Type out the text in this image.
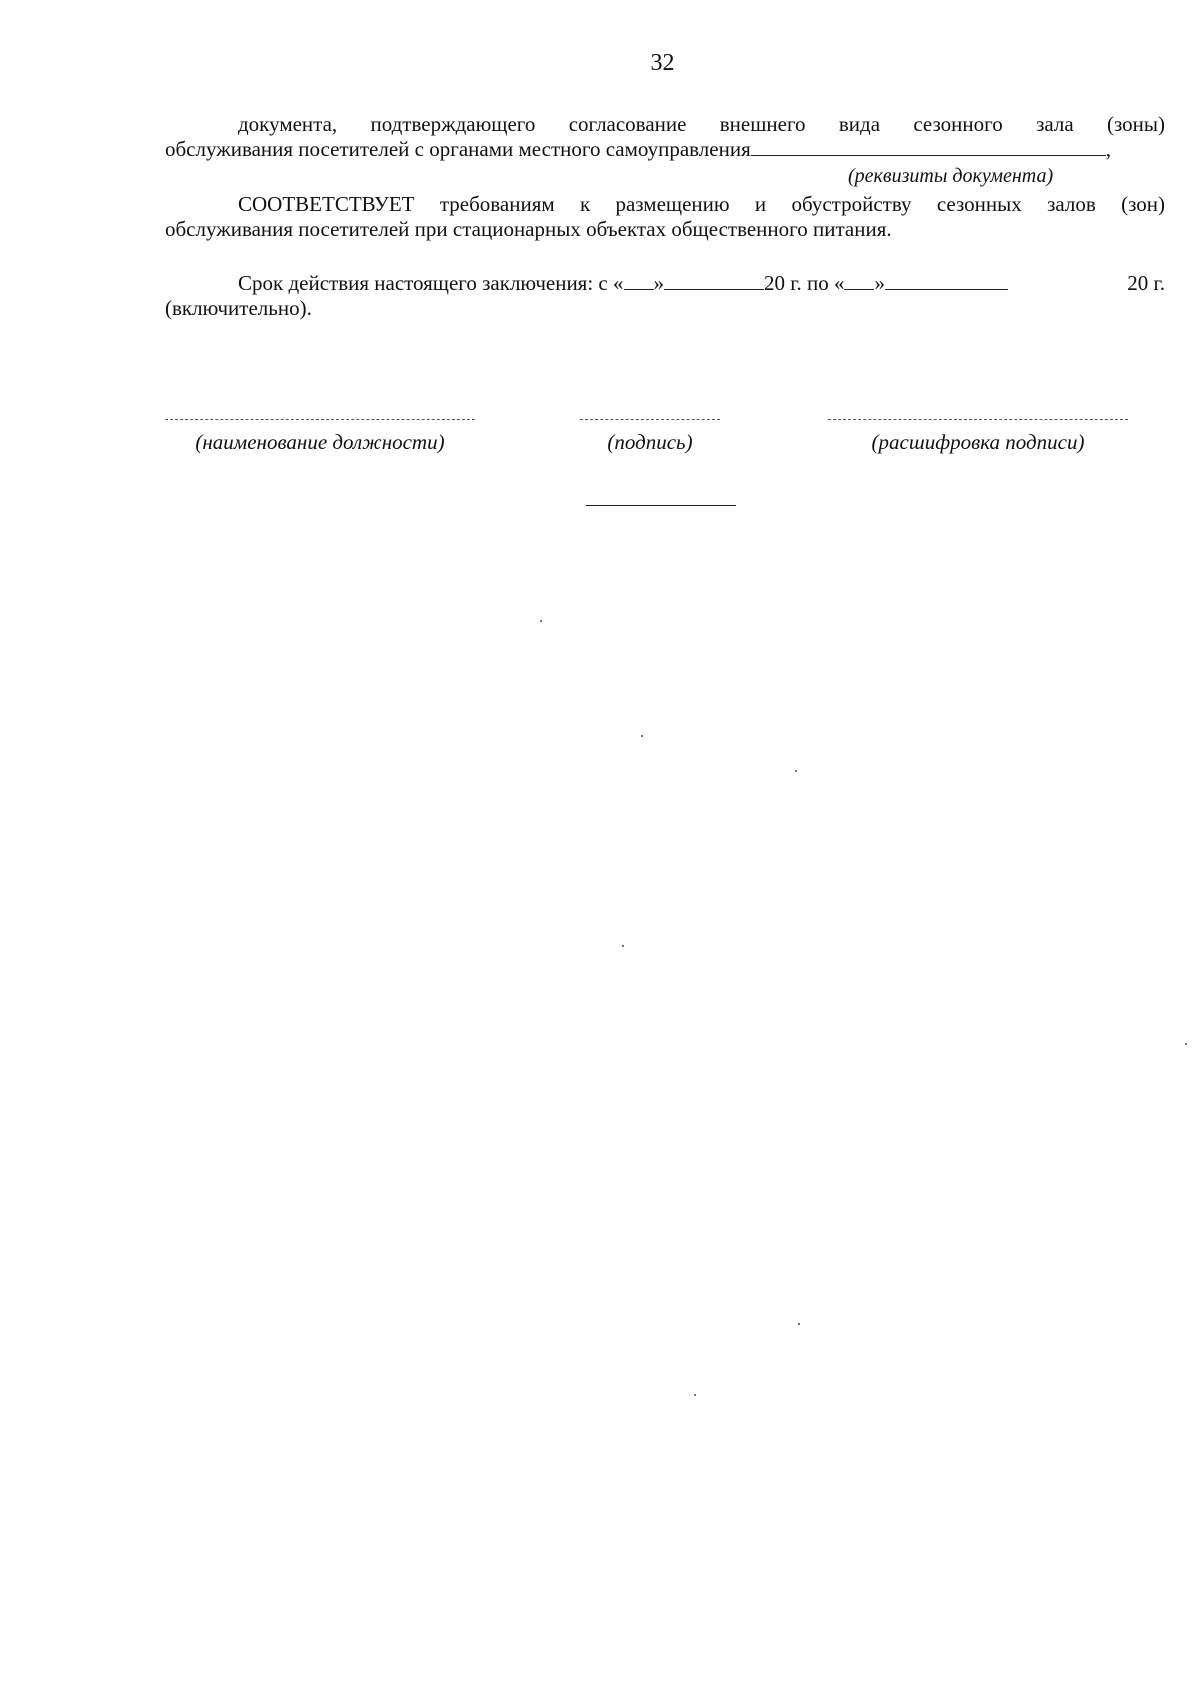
32
документа, подтверждающего согласование внешнего вида сезонного зала (зоны)
обслуживания посетителей с органами местного самоуправления	,
(реквизиты документа)
СООТВЕТСТВУЕТ требованиям к размещению и обустройству сезонных залов (зон)
обслуживания посетителей при стационарных объектах общественного питания.
Срок действия настоящего заключения: с « »	20 г. по « »	20 г.
(включительно).
(наименование должности)	(подпись)	(расшифровка подписи)
